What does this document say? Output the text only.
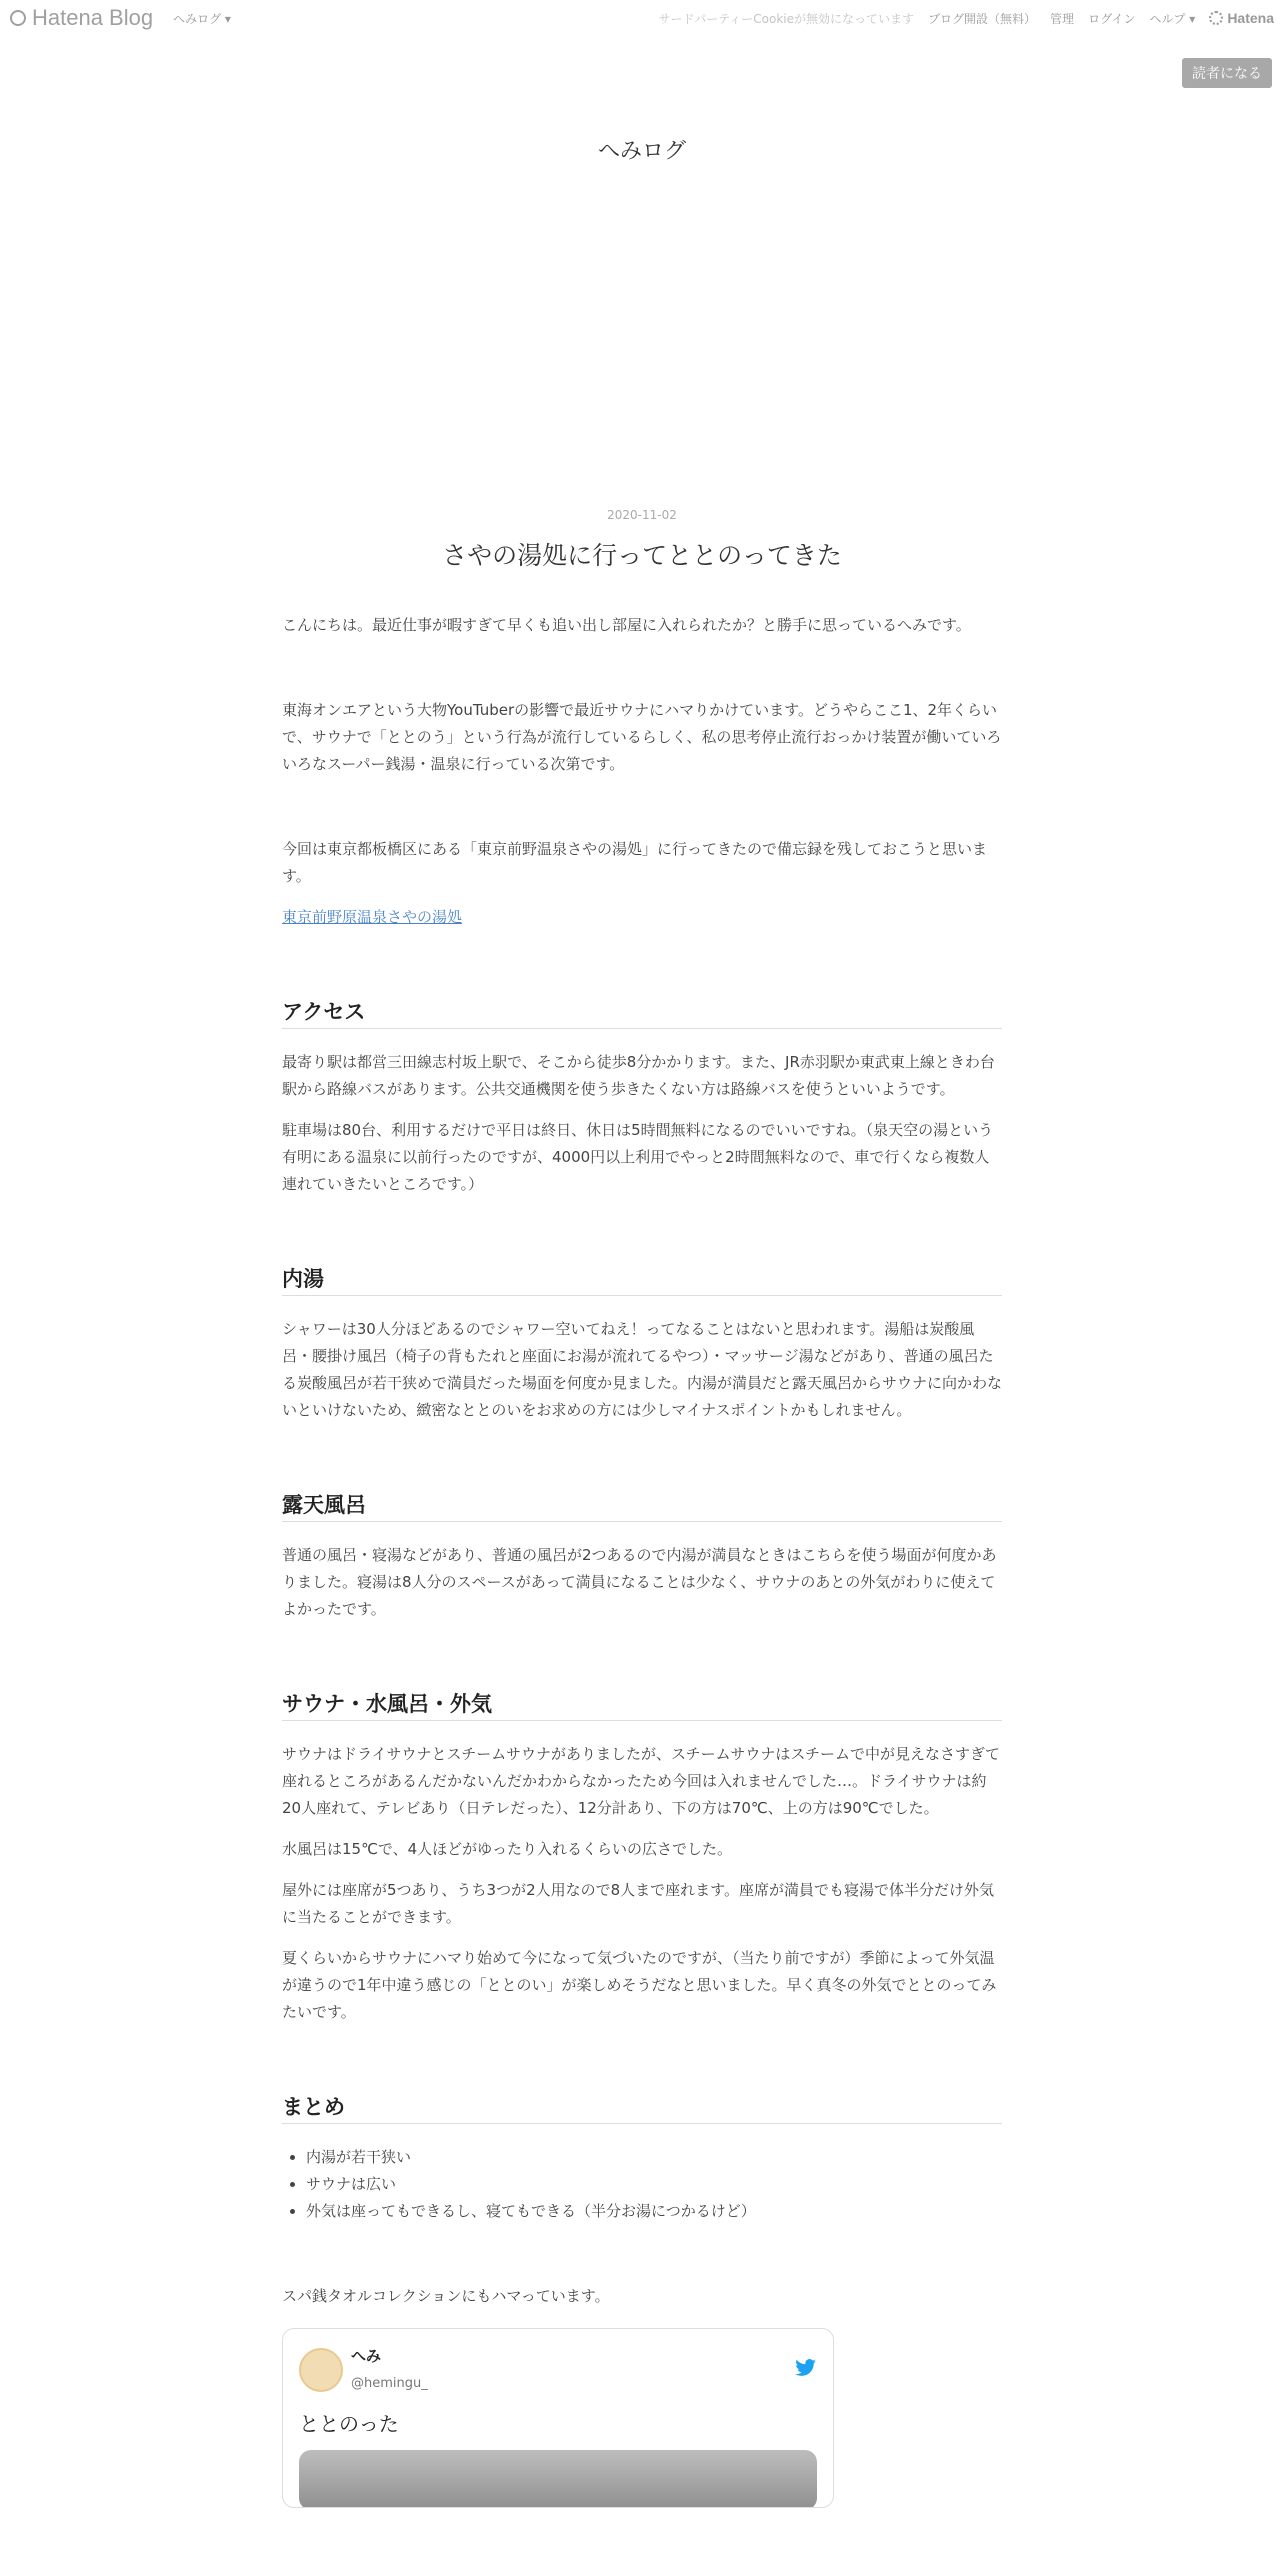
Hatena Blog へみログ ▾	サードパーティーCookieが無効になっています ブログ開設（無料） 管理 ログイン ヘルプ ▾ Hatena
読者になる
へみログ
2020-11-02
さやの湯処に行ってととのってきた

こんにちは。最近仕事が暇すぎて早くも追い出し部屋に入れられたか？と勝手に思っているへみです。

東海オンエアという大物YouTuberの影響で最近サウナにハマりかけています。どうやらここ1、2年くらいで、サウナで「ととのう」という行為が流行しているらしく、私の思考停止流行おっかけ装置が働いていろいろなスーパー銭湯・温泉に行っている次第です。

今回は東京都板橋区にある「東京前野温泉さやの湯処」に行ってきたので備忘録を残しておこうと思います。

東京前野原温泉さやの湯処

アクセス

最寄り駅は都営三田線志村坂上駅で、そこから徒歩8分かかります。また、JR赤羽駅か東武東上線ときわ台駅から路線バスがあります。公共交通機関を使う歩きたくない方は路線バスを使うといいようです。

駐車場は80台、利用するだけで平日は終日、休日は5時間無料になるのでいいですね。（泉天空の湯という有明にある温泉に以前行ったのですが、4000円以上利用でやっと2時間無料なので、車で行くなら複数人連れていきたいところです。）

内湯

シャワーは30人分ほどあるのでシャワー空いてねえ！ってなることはないと思われます。湯船は炭酸風呂・腰掛け風呂（椅子の背もたれと座面にお湯が流れてるやつ）・マッサージ湯などがあり、普通の風呂たる炭酸風呂が若干狭めで満員だった場面を何度か見ました。内湯が満員だと露天風呂からサウナに向かわないといけないため、緻密なととのいをお求めの方には少しマイナスポイントかもしれません。

露天風呂

普通の風呂・寝湯などがあり、普通の風呂が2つあるので内湯が満員なときはこちらを使う場面が何度かありました。寝湯は8人分のスペースがあって満員になることは少なく、サウナのあとの外気がわりに使えてよかったです。

サウナ・水風呂・外気

サウナはドライサウナとスチームサウナがありましたが、スチームサウナはスチームで中が見えなさすぎて座れるところがあるんだかないんだかわからなかったため今回は入れませんでした…。ドライサウナは約20人座れて、テレビあり（日テレだった）、12分計あり、下の方は70℃、上の方は90℃でした。

水風呂は15℃で、4人ほどがゆったり入れるくらいの広さでした。

屋外には座席が5つあり、うち3つが2人用なので8人まで座れます。座席が満員でも寝湯で体半分だけ外気に当たることができます。

夏くらいからサウナにハマり始めて今になって気づいたのですが、（当たり前ですが）季節によって外気温が違うので1年中違う感じの「ととのい」が楽しめそうだなと思いました。早く真冬の外気でととのってみたいです。

まとめ
• 内湯が若干狭い
• サウナは広い
• 外気は座ってもできるし、寝てもできる（半分お湯につかるけど）

スパ銭タオルコレクションにもハマっています。

へみ
@hemingu_
ととのった
